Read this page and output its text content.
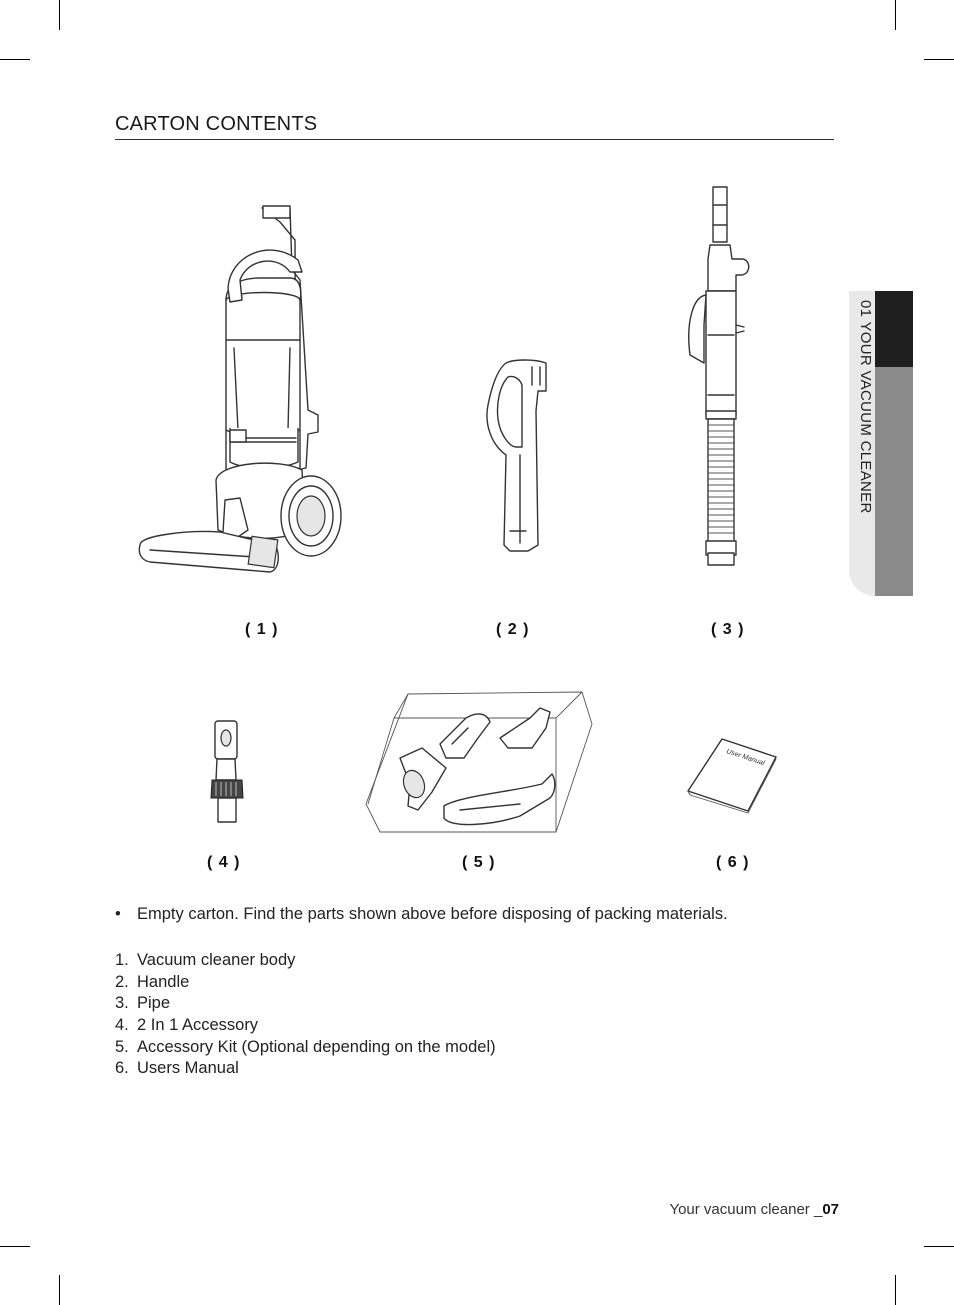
CARTON CONTENTS
01 YOUR VACUUM CLEANER
( 1 )	( 2 )	( 3 )
( 4 )	( 5 )
User Manual
( 6 )
• Empty carton. Find the parts shown above before disposing of packing materials.
1. Vacuum cleaner body
2. Handle
3. Pipe
4. 2 In 1 Accessory
5. Accessory Kit (Optional depending on the model)
6. Users Manual
Your vacuum cleaner _07
